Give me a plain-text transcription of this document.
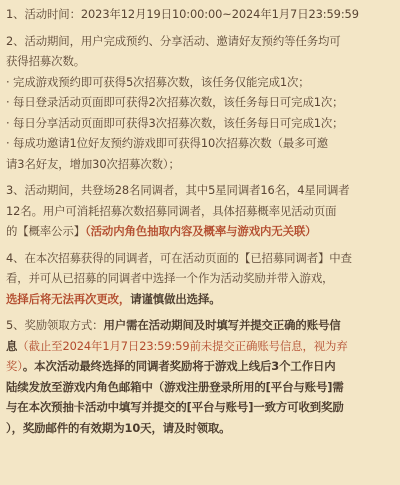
1、活动时间：2023年12月19日10:00:00~2024年1月7日23:59:59

2、活动期间，用户完成预约、分享活动、邀请好友预约等任务均可

获得招募次数。

· 完成游戏预约即可获得5次招募次数，该任务仅能完成1次；

· 每日登录活动页面即可获得2次招募次数，该任务每日可完成1次；

· 每日分享活动页面即可获得3次招募次数，该任务每日可完成1次；

· 每成功邀请1位好友预约游戏即可获得10次招募次数（最多可邀

请3名好友，增加30次招募次数）；

3、活动期间，共登场28名同调者，其中5星同调者16名，4星同调者

12名。用户可消耗招募次数招募同调者，具体招募概率见活动页面

的【概率公示】（活动内角色抽取内容及概率与游戏内无关联）

4、在本次招募获得的同调者，可在活动页面的【已招募同调者】中查

看，并可从已招募的同调者中选择一个作为活动奖励并带入游戏，

选择后将无法再次更改，请谨慎做出选择。

5、奖励领取方式：用户需在活动期间及时填写并提交正确的账号信

息（截止至2024年1月7日23:59:59前未提交正确账号信息，视为弃

奖）。本次活动最终选择的同调者奖励将于游戏上线后3个工作日内

陆续发放至游戏内角色邮箱中（游戏注册登录所用的[平台与账号]需

与在本次预抽卡活动中填写并提交的[平台与账号]一致方可收到奖励

），奖励邮件的有效期为10天，请及时领取。
